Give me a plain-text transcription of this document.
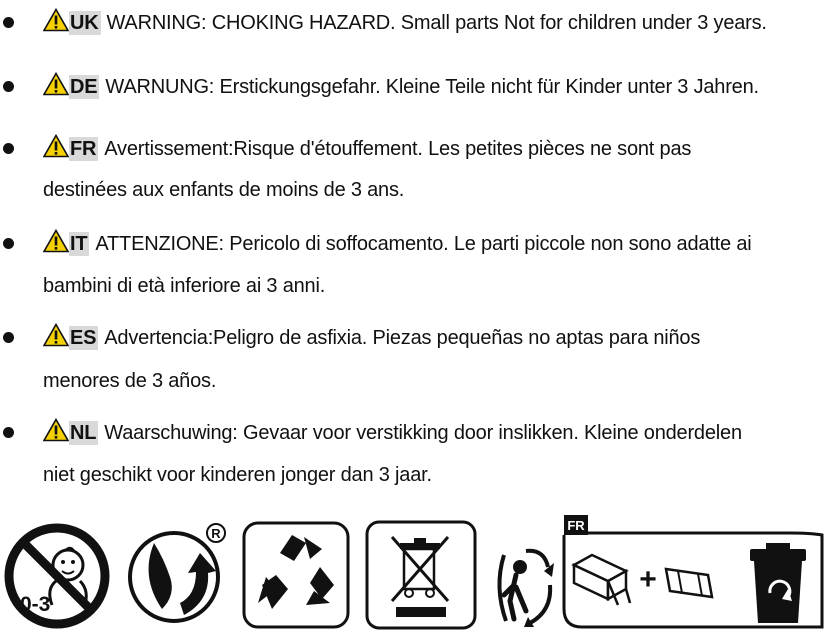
UK WARNING: CHOKING HAZARD. Small parts Not for children under 3 years.
DE WARNUNG: Erstickungsgefahr. Kleine Teile nicht für Kinder unter 3 Jahren.
FR Avertissement:Risque d'étouffement. Les petites pièces ne sont pas
destinées aux enfants de moins de 3 ans.
IT ATTENZIONE: Pericolo di soffocamento. Le parti piccole non sono adatte ai
bambini di età inferiore ai 3 anni.
ES Advertencia:Peligro de asfixia. Piezas pequeñas no aptas para niños
menores de 3 años.
NL Waarschuwing: Gevaar voor verstikking door inslikken. Kleine onderdelen
niet geschikt voor kinderen jonger dan 3 jaar.
0-3
R
FR
+
